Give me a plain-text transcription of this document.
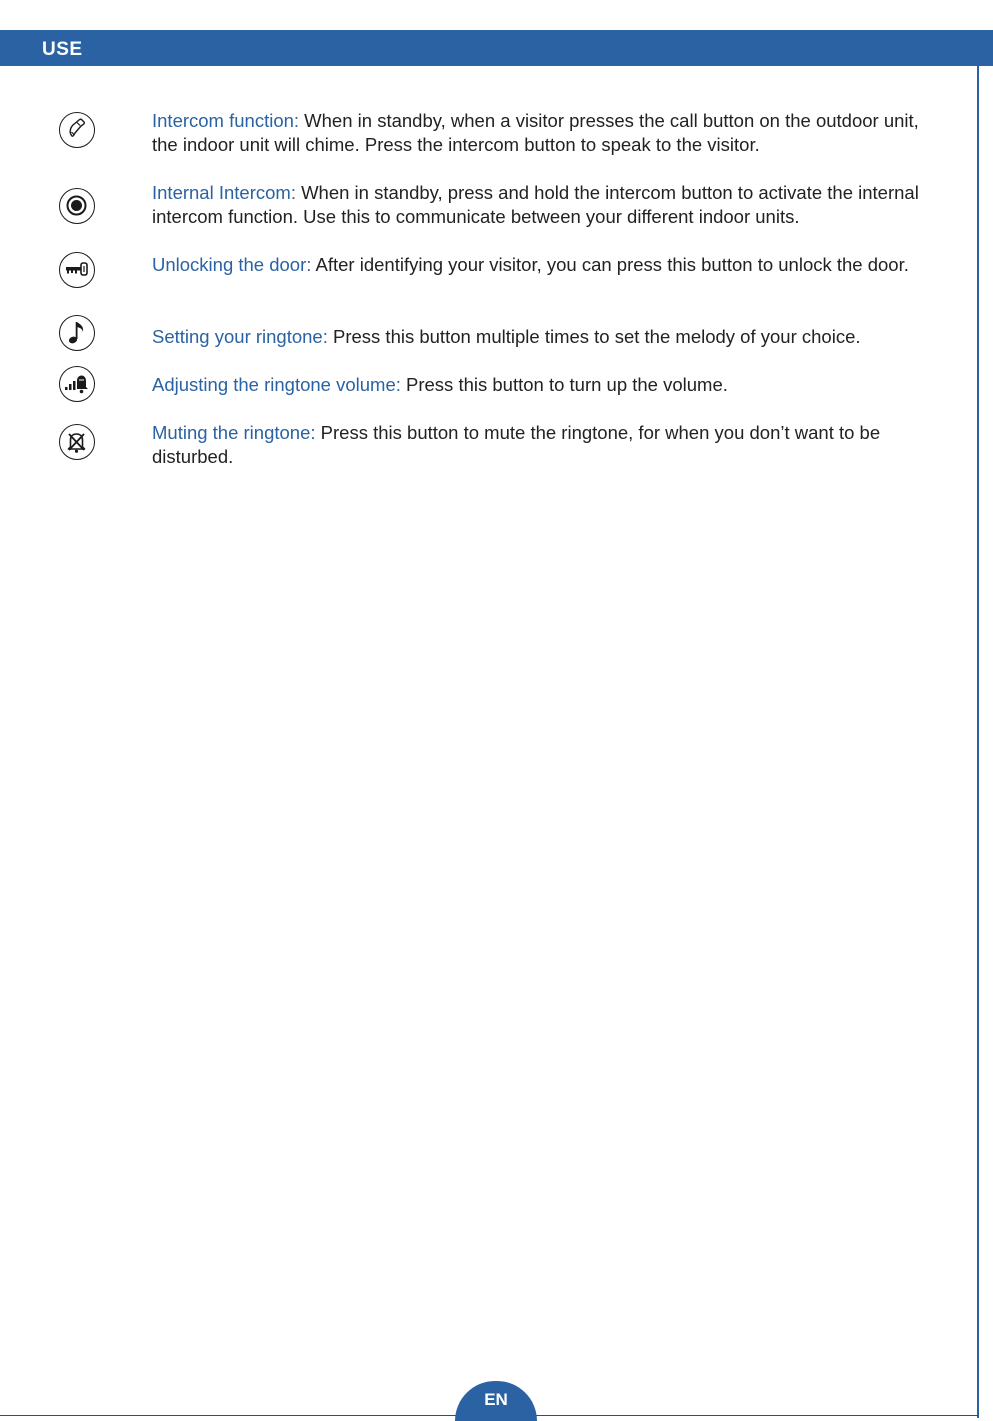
USE
Intercom function: When in standby, when a visitor presses the call button on the outdoor unit, the indoor unit will chime. Press the intercom button to speak to the visitor.
Internal Intercom: When in standby, press and hold the intercom button to activate the internal intercom function. Use this to communicate between your different indoor units.
Unlocking the door: After identifying your visitor, you can press this button to unlock the door.
Setting your ringtone: Press this button multiple times to set the melody of your choice.
Adjusting the ringtone volume: Press this button to turn up the volume.
Muting the ringtone: Press this button to mute the ringtone, for when you don’t want to be disturbed.
EN
